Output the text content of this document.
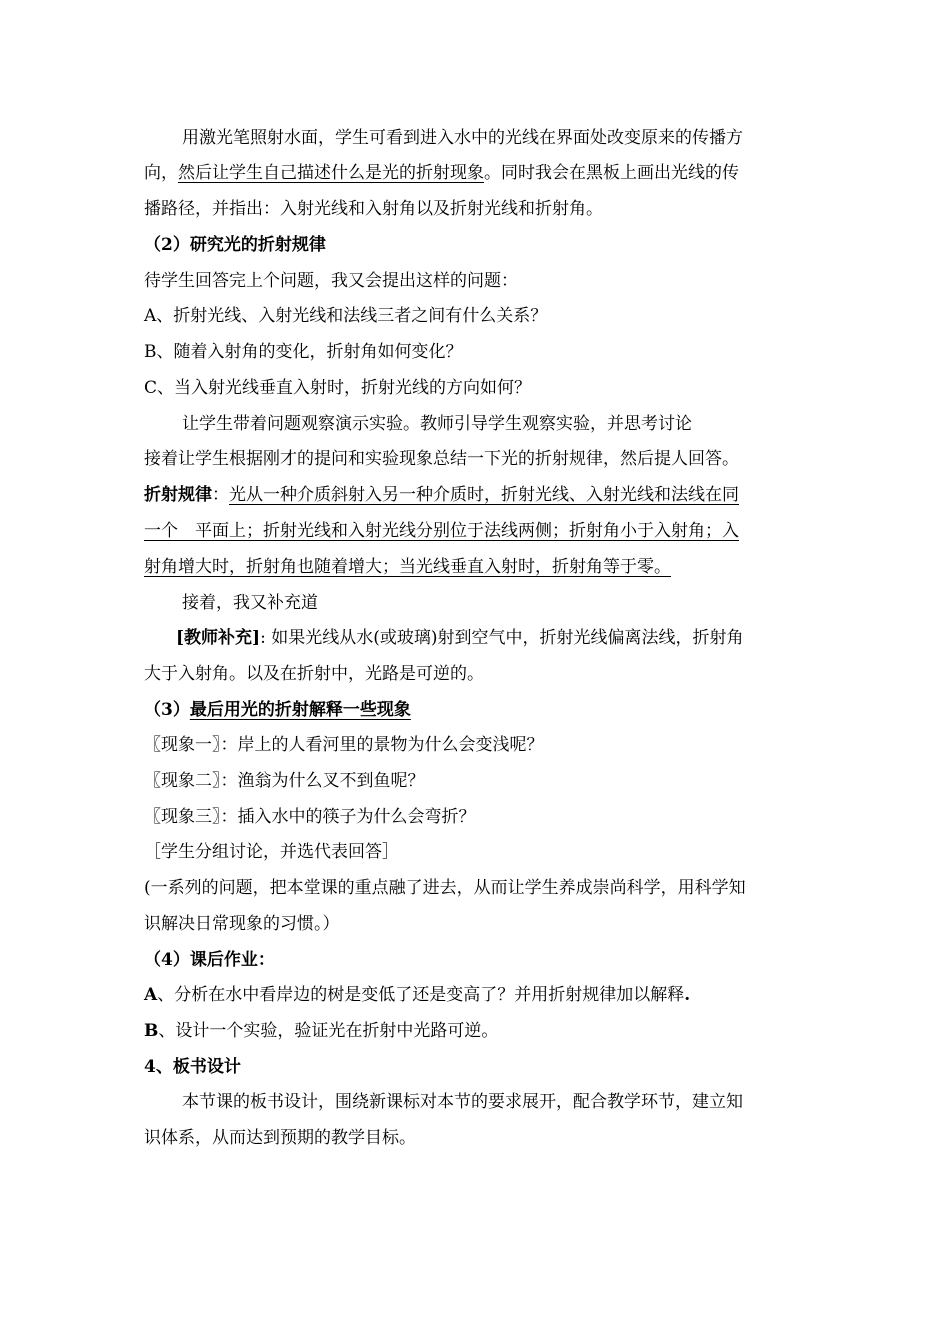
用激光笔照射水面，学生可看到进入水中的光线在界面处改变原来的传播方
向，然后让学生自己描述什么是光的折射现象。同时我会在黑板上画出光线的传
播路径，并指出：入射光线和入射角以及折射光线和折射角。
（2）研究光的折射规律
待学生回答完上个问题，我又会提出这样的问题：
A、折射光线、入射光线和法线三者之间有什么关系？
B、随着入射角的变化，折射角如何变化？
C、当入射光线垂直入射时，折射光线的方向如何？
让学生带着问题观察演示实验。教师引导学生观察实验，并思考讨论
接着让学生根据刚才的提问和实验现象总结一下光的折射规律，然后提人回答。
折射规律：光从一种介质斜射入另一种介质时，折射光线、入射光线和法线在同
一个　平面上；折射光线和入射光线分别位于法线两侧；折射角小于入射角；入
射角增大时，折射角也随着增大；当光线垂直入射时，折射角等于零。
接着，我又补充道
[教师补充]: 如果光线从水(或玻璃)射到空气中，折射光线偏离法线，折射角
大于入射角。以及在折射中，光路是可逆的。
（3）最后用光的折射解释一些现象
〖现象一〗：岸上的人看河里的景物为什么会变浅呢？
〖现象二〗：渔翁为什么叉不到鱼呢？
〖现象三〗：插入水中的筷子为什么会弯折？
［学生分组讨论，并选代表回答］
(一系列的问题，把本堂课的重点融了进去，从而让学生养成崇尚科学，用科学知
识解决日常现象的习惯。）
（4）课后作业：
A、分析在水中看岸边的树是变低了还是变高了？并用折射规律加以解释.
B、设计一个实验，验证光在折射中光路可逆。
4、板书设计
本节课的板书设计，围绕新课标对本节的要求展开，配合教学环节，建立知
识体系，从而达到预期的教学目标。
